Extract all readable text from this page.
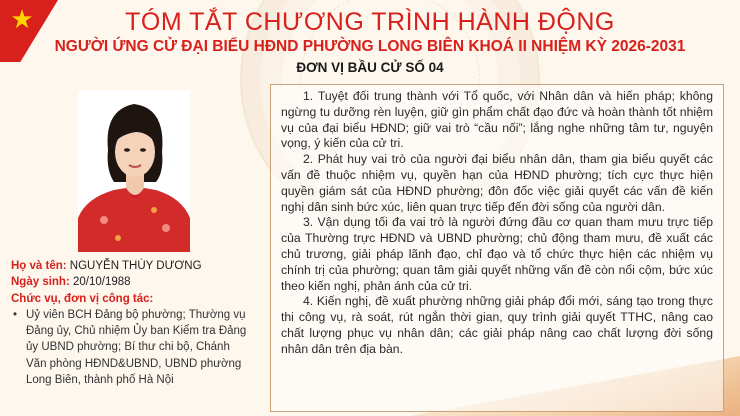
★	TÓM TẮT CHƯƠNG TRÌNH HÀNH ĐỘNG
NGƯỜI ỨNG CỬ ĐẠI BIỂU HĐND PHƯỜNG LONG BIÊN KHOÁ II NHIỆM KỲ 2026-2031
ĐƠN VỊ BẦU CỬ SỐ 04
Họ và tên: NGUYỄN THÙY DƯƠNG
Ngày sinh: 20/10/1988
Chức vụ, đơn vị công tác:
• Uỷ viên BCH Đảng bộ phường; Thường vụ
Đảng ủy, Chủ nhiệm Ủy ban Kiểm tra Đảng
ủy UBND phường; Bí thư chi bộ, Chánh
Văn phòng HĐND&UBND, UBND phường
Long Biên, thành phố Hà Nội

1. Tuyệt đối trung thành với Tổ quốc, với Nhân dân và hiến pháp; không ngừng tu dưỡng rèn luyện, giữ gìn phẩm chất đạo đức và hoàn thành tốt nhiệm vụ của đại biểu HĐND; giữ vai trò “cầu nối”; lắng nghe những tâm tư, nguyện vọng, ý kiến của cử tri.

2. Phát huy vai trò của người đại biểu nhân dân, tham gia biểu quyết các vấn đề thuộc nhiệm vụ, quyền hạn của HĐND phường; tích cực thực hiện quyền giám sát của HĐND phường; đôn đốc việc giải quyết các vấn đề kiến nghị dân sinh bức xúc, liên quan trực tiếp đến đời sống của người dân.

3. Vận dụng tối đa vai trò là người đứng đầu cơ quan tham mưu trực tiếp của Thường trực HĐND và UBND phường; chủ động tham mưu, đề xuất các chủ trương, giải pháp lãnh đạo, chỉ đạo và tổ chức thực hiện các nhiệm vụ chính trị của phường; quan tâm giải quyết những vấn đề còn nổi cộm, bức xúc theo kiến nghị, phản ánh của cử tri.

4. Kiến nghị, đề xuất phường những giải pháp đổi mới, sáng tạo trong thực thi công vụ, rà soát, rút ngắn thời gian, quy trình giải quyết TTHC, nâng cao chất lượng phục vụ nhân dân; các giải pháp nâng cao chất lượng đời sống nhân dân trên địa bàn.
